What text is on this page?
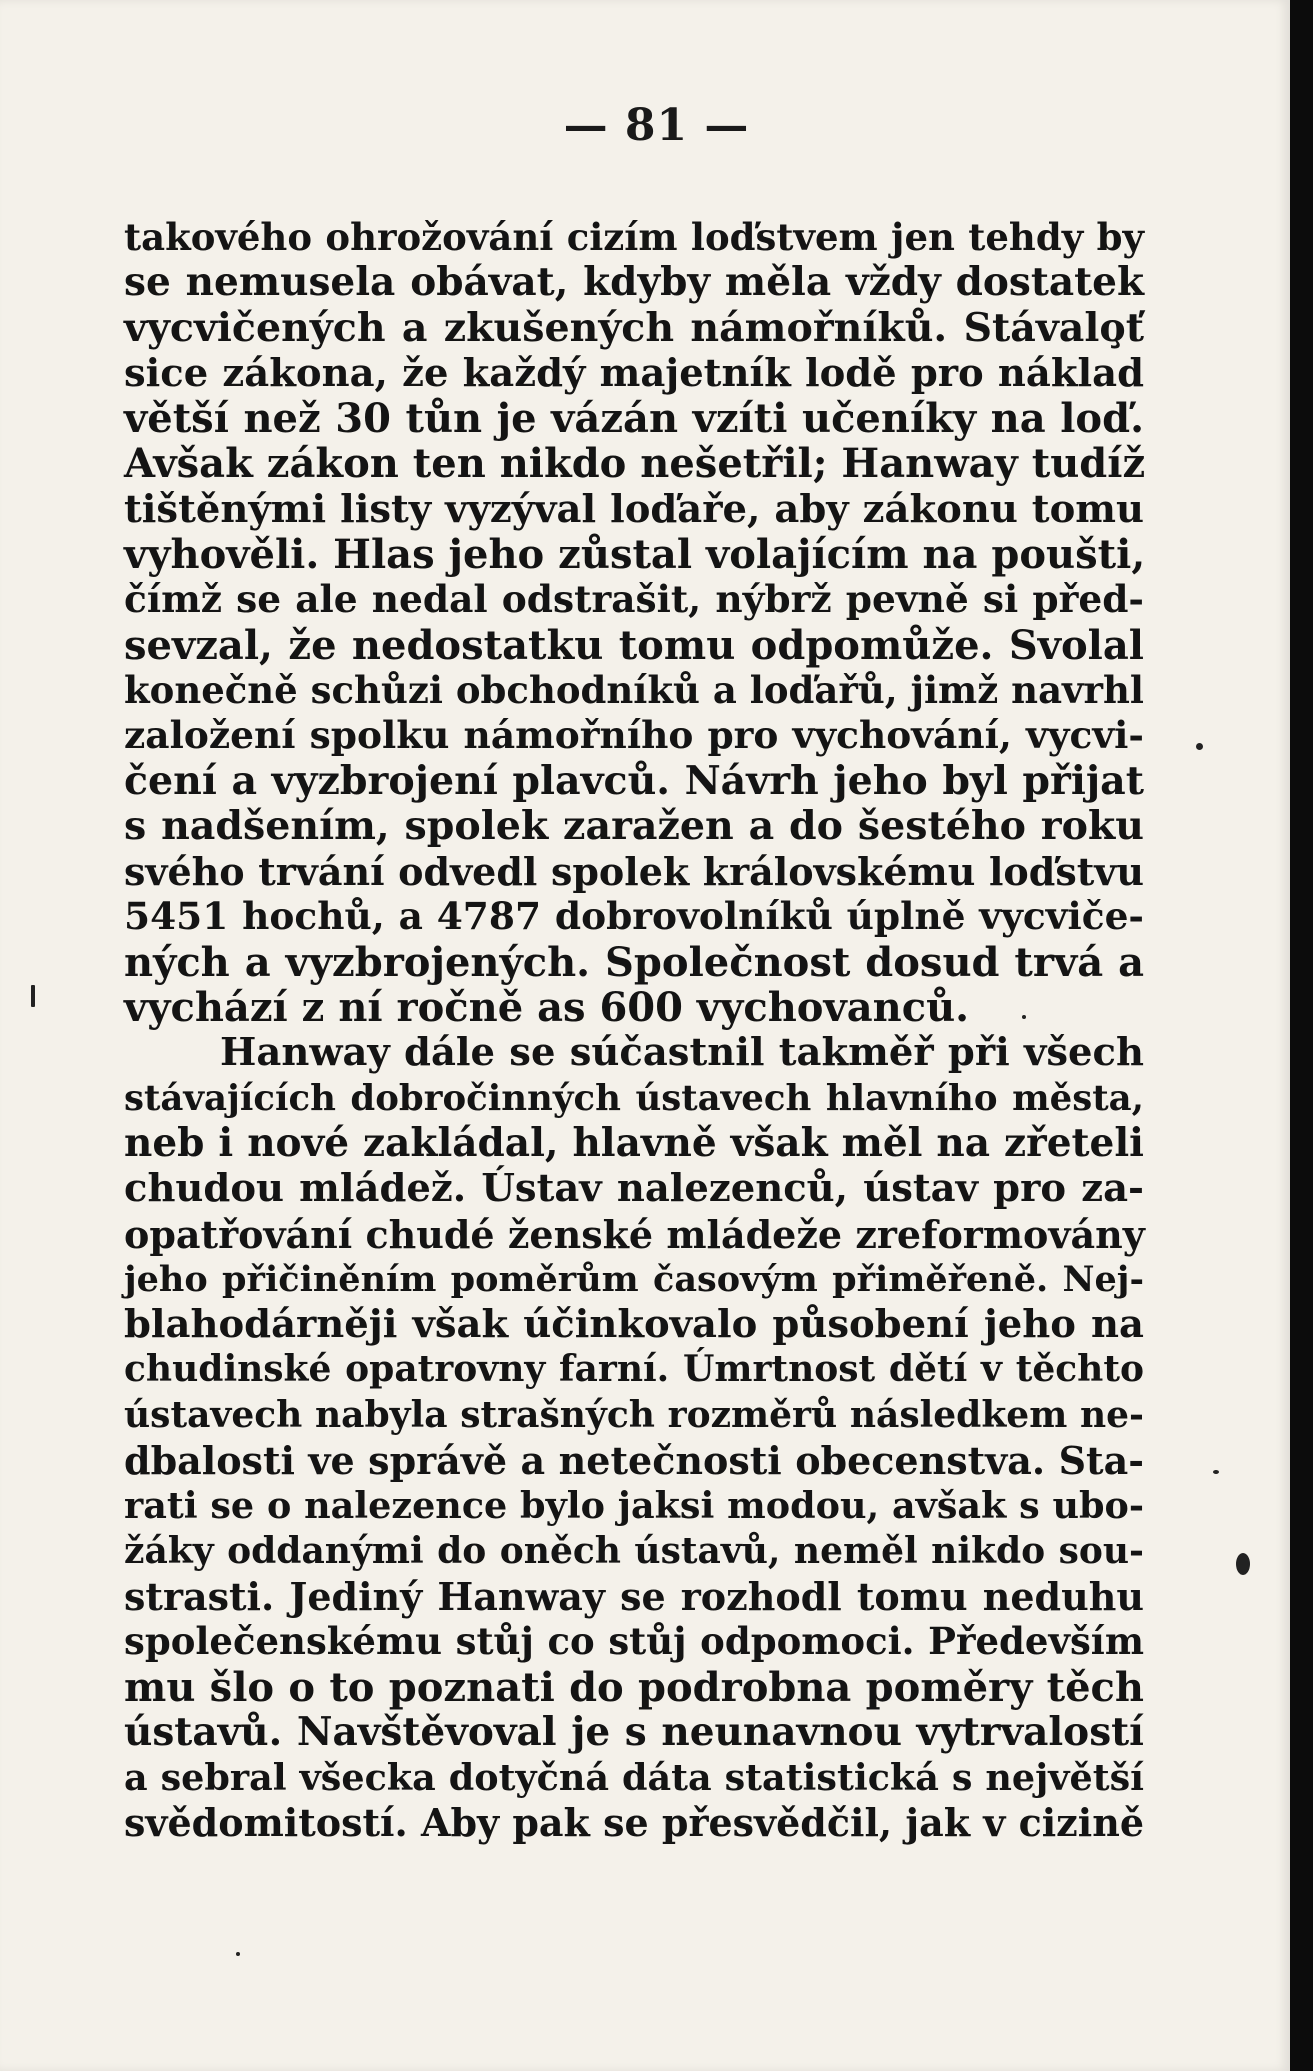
— 81 —
takového ohrožování cizím loďstvem jen tehdy by
se nemusela obávat, kdyby měla vždy dostatek
vycvičených a zkušených námořníků. Stávalo̧ť
sice zákona, že každý majetník lodě pro náklad
větší než 30 tůn je vázán vzíti učeníky na loď.
Avšak zákon ten nikdo nešetřil; Hanway tudíž
tištěnými listy vyzýval loďaře, aby zákonu tomu
vyhověli. Hlas jeho zůstal volajícím na poušti,
čímž se ale nedal odstrašit, nýbrž pevně si před-
sevzal, že nedostatku tomu odpomůže. Svolal
konečně schůzi obchodníků a loďařů, jimž navrhl
založení spolku námořního pro vychování, vycvi-
čení a vyzbrojení plavců. Návrh jeho byl přijat
s nadšením, spolek zaražen a do šestého roku
svého trvání odvedl spolek královskému loďstvu
5451 hochů, a 4787 dobrovolníků úplně vycviče-
ných a vyzbrojených. Společnost dosud trvá a
vychází z ní ročně as 600 vychovanců.
Hanway dále se súčastnil takměř při všech
stávajících dobročinných ústavech hlavního města,
neb i nové zakládal, hlavně však měl na zřeteli
chudou mládež. Ústav nalezenců, ústav pro za-
opatřování chudé ženské mládeže zreformovány
jeho přičiněním poměrům časovým přiměřeně. Nej-
blahodárněji však účinkovalo působení jeho na
chudinské opatrovny farní. Úmrtnost dětí v těchto
ústavech nabyla strašných rozměrů následkem ne-
dbalosti ve správě a netečnosti obecenstva. Sta-
rati se o nalezence bylo jaksi modou, avšak s ubo-
žáky oddanými do oněch ústavů, neměl nikdo sou-
strasti. Jediný Hanway se rozhodl tomu neduhu
společenskému stůj co stůj odpomoci. Především
mu šlo o to poznati do podrobna poměry těch
ústavů. Navštěvoval je s neunavnou vytrvalostí
a sebral všecka dotyčná dáta statistická s největší
svědomitostí. Aby pak se přesvědčil, jak v cizině
